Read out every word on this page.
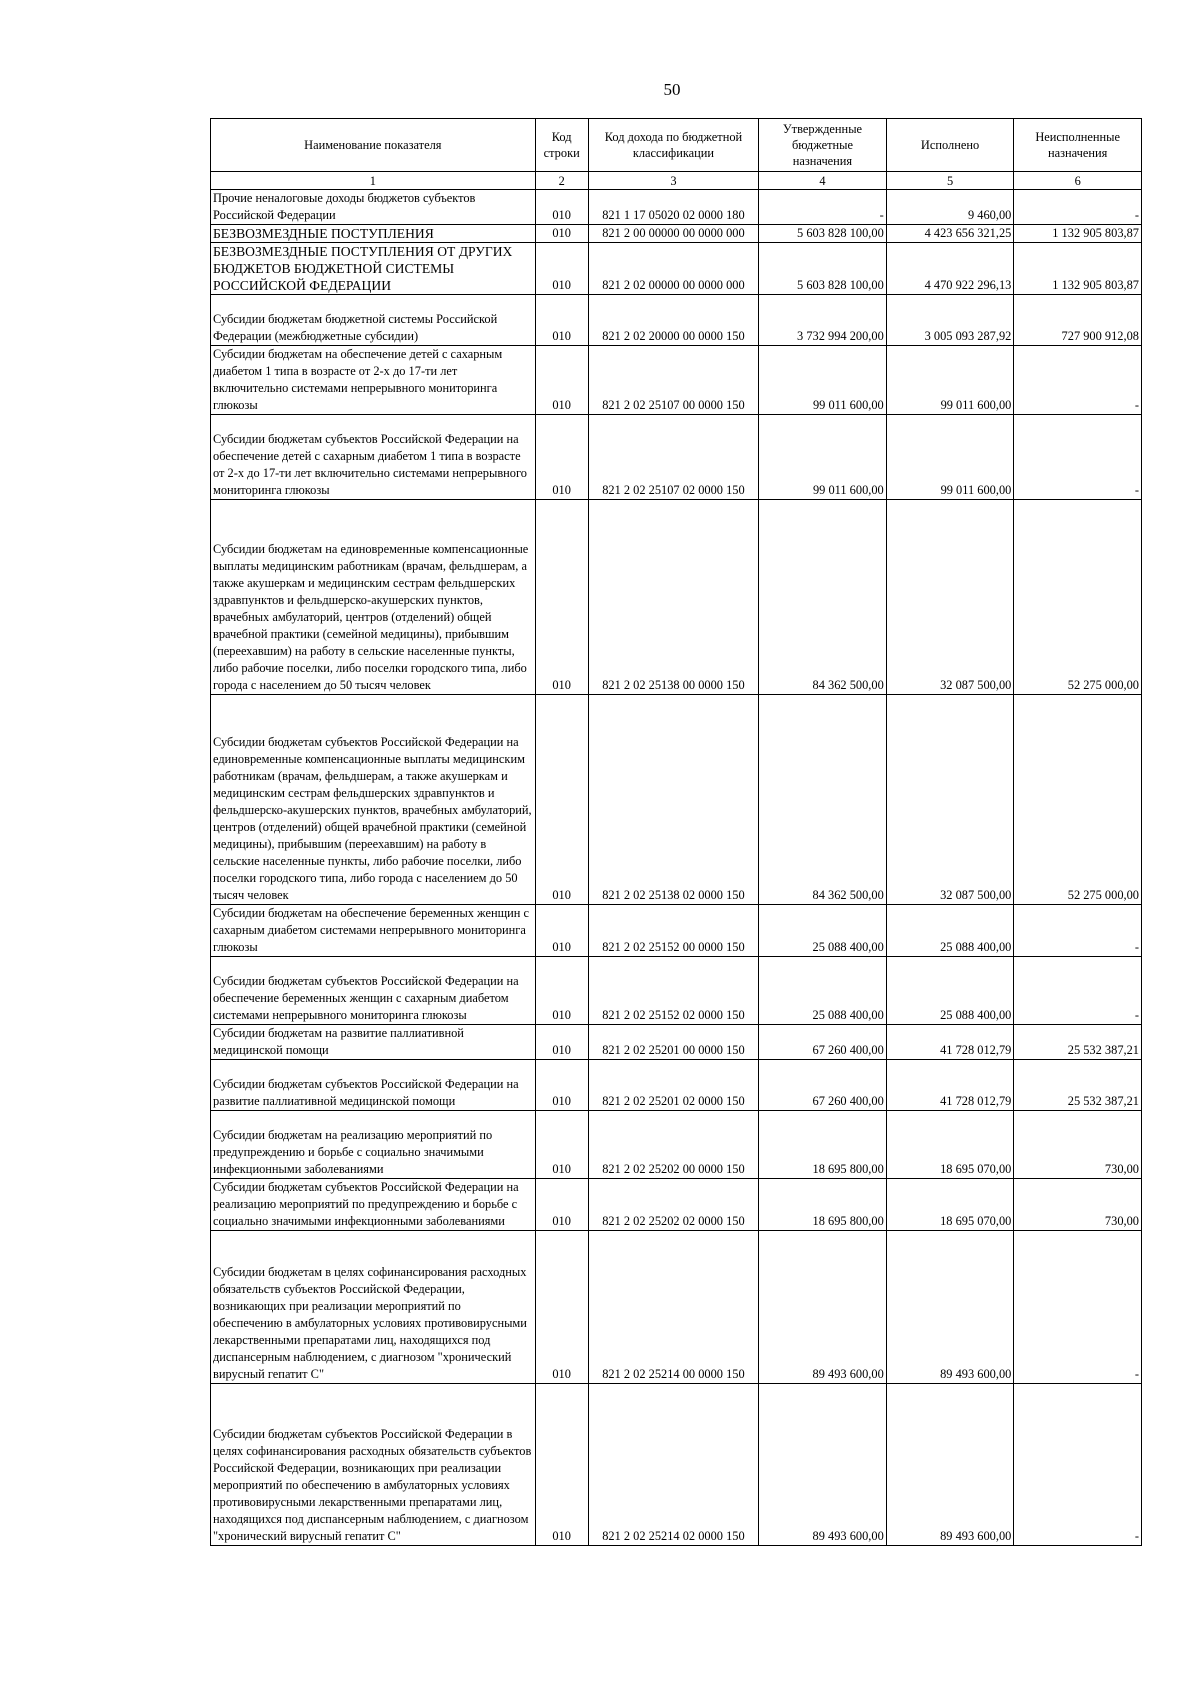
50
Наименование показателя	Код строки	Код дохода по бюджетной классификации	Утвержденные бюджетные назначения	Исполнено	Неисполненные назначения
1	2	3	4	5	6
Прочие неналоговые доходы бюджетов субъектов Российской Федерации	010	821 1 17 05020 02 0000 180	-	9 460,00	-
БЕЗВОЗМЕЗДНЫЕ ПОСТУПЛЕНИЯ	010	821 2 00 00000 00 0000 000	5 603 828 100,00	4 423 656 321,25	1 132 905 803,87
БЕЗВОЗМЕЗДНЫЕ ПОСТУПЛЕНИЯ ОТ ДРУГИХ БЮДЖЕТОВ БЮДЖЕТНОЙ СИСТЕМЫ РОССИЙСКОЙ ФЕДЕРАЦИИ	010	821 2 02 00000 00 0000 000	5 603 828 100,00	4 470 922 296,13	1 132 905 803,87
Субсидии бюджетам бюджетной системы Российской Федерации (межбюджетные субсидии)	010	821 2 02 20000 00 0000 150	3 732 994 200,00	3 005 093 287,92	727 900 912,08
Субсидии бюджетам на обеспечение детей с сахарным диабетом 1 типа в возрасте от 2-х до 17-ти лет включительно системами непрерывного мониторинга глюкозы	010	821 2 02 25107 00 0000 150	99 011 600,00	99 011 600,00	-
Субсидии бюджетам субъектов Российской Федерации на обеспечение детей с сахарным диабетом 1 типа в возрасте от 2-х до 17-ти лет включительно системами непрерывного мониторинга глюкозы	010	821 2 02 25107 02 0000 150	99 011 600,00	99 011 600,00	-
Субсидии бюджетам на единовременные компенсационные выплаты медицинским работникам (врачам, фельдшерам, а также акушеркам и медицинским сестрам фельдшерских здравпунктов и фельдшерско-акушерских пунктов, врачебных амбулаторий, центров (отделений) общей врачебной практики (семейной медицины), прибывшим (переехавшим) на работу в сельские населенные пункты, либо рабочие поселки, либо поселки городского типа, либо города с населением до 50 тысяч человек	010	821 2 02 25138 00 0000 150	84 362 500,00	32 087 500,00	52 275 000,00
Субсидии бюджетам субъектов Российской Федерации на единовременные компенсационные выплаты медицинским работникам (врачам, фельдшерам, а также акушеркам и медицинским сестрам фельдшерских здравпунктов и фельдшерско-акушерских пунктов, врачебных амбулаторий, центров (отделений) общей врачебной практики (семейной медицины), прибывшим (переехавшим) на работу в сельские населенные пункты, либо рабочие поселки, либо поселки городского типа, либо города с населением до 50 тысяч человек	010	821 2 02 25138 02 0000 150	84 362 500,00	32 087 500,00	52 275 000,00
Субсидии бюджетам на обеспечение беременных женщин с сахарным диабетом системами непрерывного мониторинга глюкозы	010	821 2 02 25152 00 0000 150	25 088 400,00	25 088 400,00	-
Субсидии бюджетам субъектов Российской Федерации на обеспечение беременных женщин с сахарным диабетом системами непрерывного мониторинга глюкозы	010	821 2 02 25152 02 0000 150	25 088 400,00	25 088 400,00	-
Субсидии бюджетам на развитие паллиативной медицинской помощи	010	821 2 02 25201 00 0000 150	67 260 400,00	41 728 012,79	25 532 387,21
Субсидии бюджетам субъектов Российской Федерации на развитие паллиативной медицинской помощи	010	821 2 02 25201 02 0000 150	67 260 400,00	41 728 012,79	25 532 387,21
Субсидии бюджетам на реализацию мероприятий по предупреждению и борьбе с социально значимыми инфекционными заболеваниями	010	821 2 02 25202 00 0000 150	18 695 800,00	18 695 070,00	730,00
Субсидии бюджетам субъектов Российской Федерации на реализацию мероприятий по предупреждению и борьбе с социально значимыми инфекционными заболеваниями	010	821 2 02 25202 02 0000 150	18 695 800,00	18 695 070,00	730,00
Субсидии бюджетам в целях софинансирования расходных обязательств субъектов Российской Федерации, возникающих при реализации мероприятий по обеспечению в амбулаторных условиях противовирусными лекарственными препаратами лиц, находящихся под диспансерным наблюдением, с диагнозом "хронический вирусный гепатит С"	010	821 2 02 25214 00 0000 150	89 493 600,00	89 493 600,00	-
Субсидии бюджетам субъектов Российской Федерации в целях софинансирования расходных обязательств субъектов Российской Федерации, возникающих при реализации мероприятий по обеспечению в амбулаторных условиях противовирусными лекарственными препаратами лиц, находящихся под диспансерным наблюдением, с диагнозом "хронический вирусный гепатит С"	010	821 2 02 25214 02 0000 150	89 493 600,00	89 493 600,00	-
